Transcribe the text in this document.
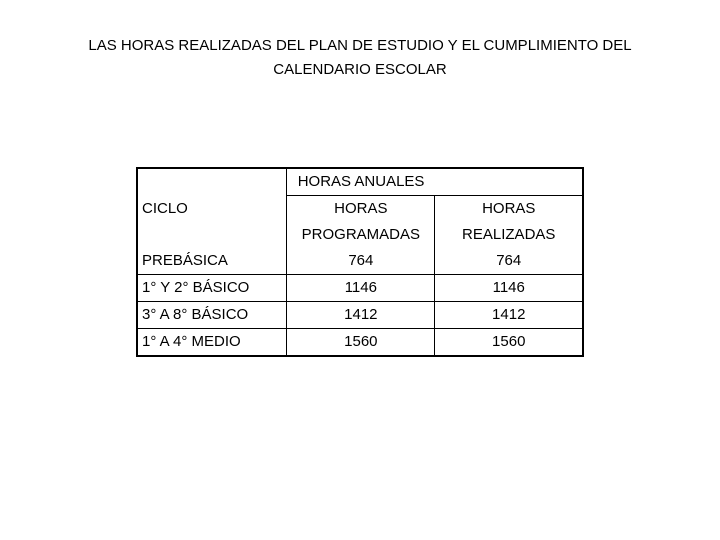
LAS HORAS REALIZADAS DEL PLAN DE ESTUDIO Y EL CUMPLIMIENTO DEL
CALENDARIO ESCOLAR
CICLO	HORAS ANUALES	
	HORAS	HORAS
	PROGRAMADAS	REALIZADAS
PREBÁSICA	764	764
1° Y 2° BÁSICO	1146	1146
3° A 8° BÁSICO	1412	1412
1° A 4° MEDIO	1560	1560
